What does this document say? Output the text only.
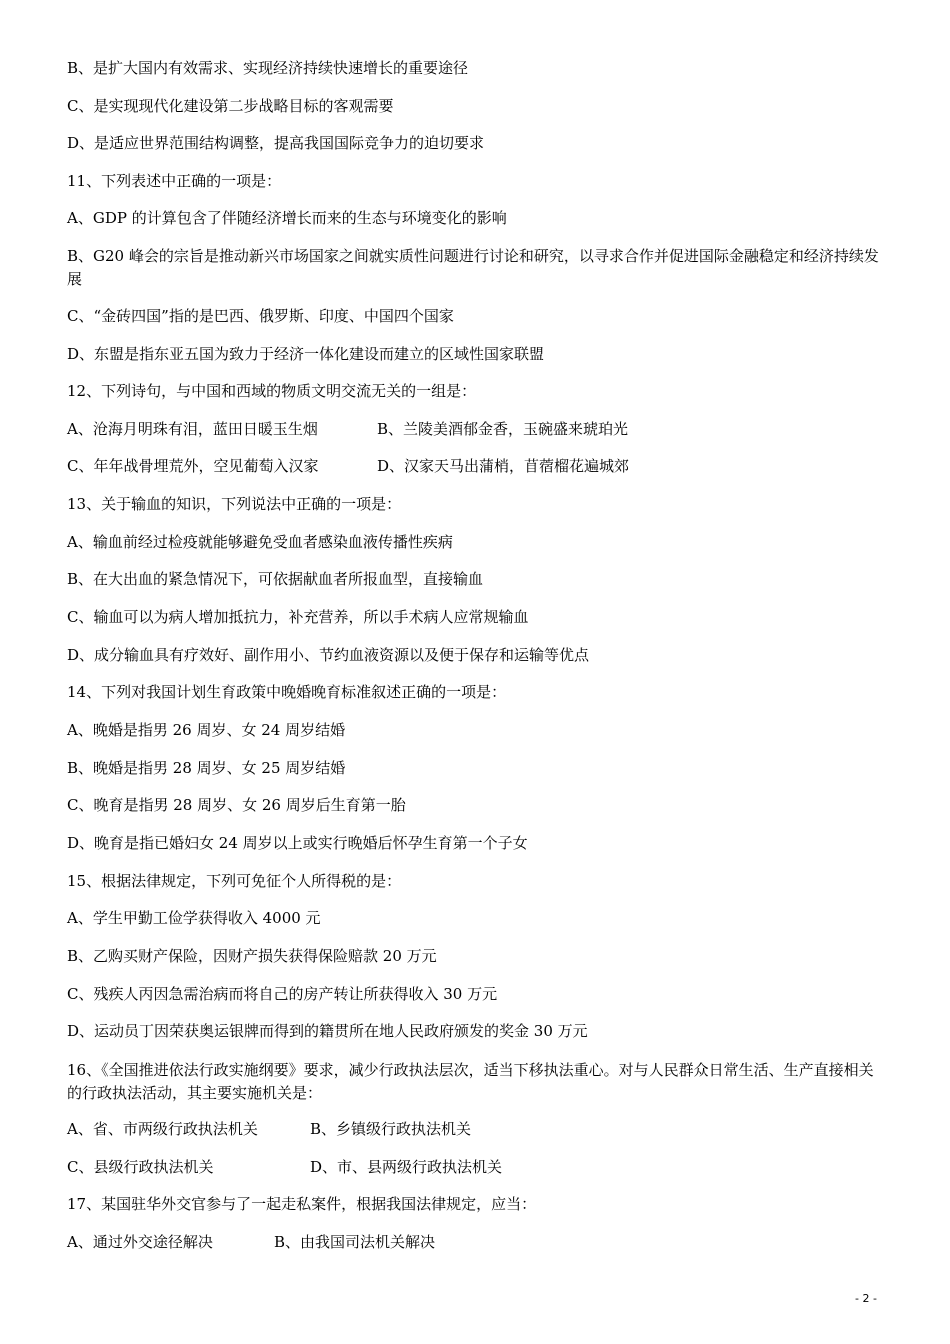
B、是扩大国内有效需求、实现经济持续快速增长的重要途径
C、是实现现代化建设第二步战略目标的客观需要
D、是适应世界范围结构调整，提高我国国际竞争力的迫切要求
11、下列表述中正确的一项是：
A、GDP 的计算包含了伴随经济增长而来的生态与环境变化的影响
B、G20 峰会的宗旨是推动新兴市场国家之间就实质性问题进行讨论和研究，以寻求合作并促进国际金融稳定和经济持续发展
C、“金砖四国”指的是巴西、俄罗斯、印度、中国四个国家
D、东盟是指东亚五国为致力于经济一体化建设而建立的区域性国家联盟
12、下列诗句，与中国和西域的物质文明交流无关的一组是：
A、沧海月明珠有泪，蓝田日暖玉生烟	B、兰陵美酒郁金香，玉碗盛来琥珀光
C、年年战骨埋荒外，空见葡萄入汉家	D、汉家天马出蒲梢，苜蓿榴花遍城郊
13、关于输血的知识，下列说法中正确的一项是：
A、输血前经过检疫就能够避免受血者感染血液传播性疾病
B、在大出血的紧急情况下，可依据献血者所报血型，直接输血
C、输血可以为病人增加抵抗力，补充营养，所以手术病人应常规输血
D、成分输血具有疗效好、副作用小、节约血液资源以及便于保存和运输等优点
14、下列对我国计划生育政策中晚婚晚育标准叙述正确的一项是：
A、晚婚是指男 26 周岁、女 24 周岁结婚
B、晚婚是指男 28 周岁、女 25 周岁结婚
C、晚育是指男 28 周岁、女 26 周岁后生育第一胎
D、晚育是指已婚妇女 24 周岁以上或实行晚婚后怀孕生育第一个子女
15、根据法律规定，下列可免征个人所得税的是：
A、学生甲勤工俭学获得收入 4000 元
B、乙购买财产保险，因财产损失获得保险赔款 20 万元
C、残疾人丙因急需治病而将自己的房产转让所获得收入 30 万元
D、运动员丁因荣获奥运银牌而得到的籍贯所在地人民政府颁发的奖金 30 万元
16、《全国推进依法行政实施纲要》要求，减少行政执法层次，适当下移执法重心。对与人民群众日常生活、生产直接相关的行政执法活动，其主要实施机关是：
A、省、市两级行政执法机关	B、乡镇级行政执法机关
C、县级行政执法机关	D、市、县两级行政执法机关
17、某国驻华外交官参与了一起走私案件，根据我国法律规定，应当：
A、通过外交途径解决	B、由我国司法机关解决
- 2 -
